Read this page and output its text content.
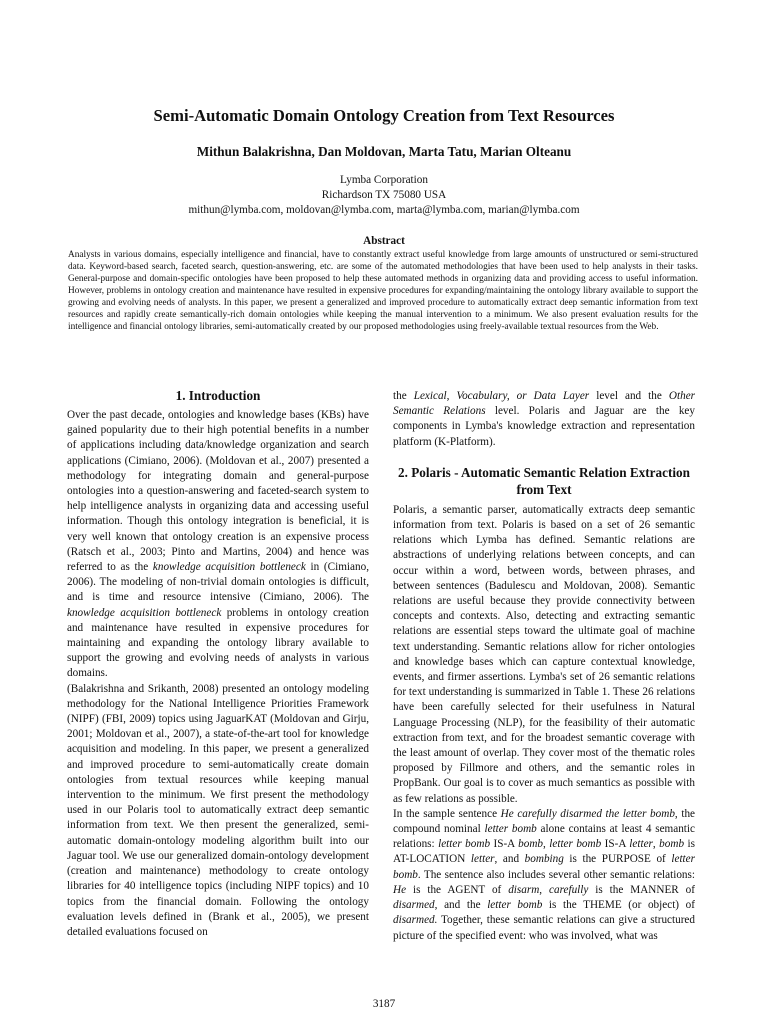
Semi-Automatic Domain Ontology Creation from Text Resources
Mithun Balakrishna, Dan Moldovan, Marta Tatu, Marian Olteanu
Lymba Corporation
Richardson TX 75080 USA
mithun@lymba.com, moldovan@lymba.com, marta@lymba.com, marian@lymba.com
Abstract

Analysts in various domains, especially intelligence and financial, have to constantly extract useful knowledge from large amounts of unstructured or semi-structured data. Keyword-based search, faceted search, question-answering, etc. are some of the automated methodologies that have been used to help analysts in their tasks. General-purpose and domain-specific ontologies have been proposed to help these automated methods in organizing data and providing access to useful information. However, problems in ontology creation and maintenance have resulted in expensive procedures for expanding/maintaining the ontology library available to support the growing and evolving needs of analysts. In this paper, we present a generalized and improved procedure to automatically extract deep semantic information from text resources and rapidly create semantically-rich domain ontologies while keeping the manual intervention to a minimum. We also present evaluation results for the intelligence and financial ontology libraries, semi-automatically created by our proposed methodologies using freely-available textual resources from the Web.

1. Introduction

Over the past decade, ontologies and knowledge bases (KBs) have gained popularity due to their high potential benefits in a number of applications including data/knowledge organization and search applications (Cimiano, 2006). (Moldovan et al., 2007) presented a methodology for integrating domain and general-purpose ontologies into a question-answering and faceted-search system to help intelligence analysts in organizing data and accessing useful information. Though this ontology integration is beneficial, it is very well known that ontology creation is an expensive process (Ratsch et al., 2003; Pinto and Martins, 2004) and hence was referred to as the knowledge acquisition bottleneck in (Cimiano, 2006). The modeling of non-trivial domain ontologies is difficult, and is time and resource intensive (Cimiano, 2006). The knowledge acquisition bottleneck problems in ontology creation and maintenance have resulted in expensive procedures for maintaining and expanding the ontology library available to support the growing and evolving needs of analysts in various domains.

(Balakrishna and Srikanth, 2008) presented an ontology modeling methodology for the National Intelligence Priorities Framework (NIPF) (FBI, 2009) topics using JaguarKAT (Moldovan and Girju, 2001; Moldovan et al., 2007), a state-of-the-art tool for knowledge acquisition and modeling. In this paper, we present a generalized and improved procedure to semi-automatically create domain ontologies from textual resources while keeping manual intervention to the minimum. We first present the methodology used in our Polaris tool to automatically extract deep semantic information from text. We then present the generalized, semi-automatic domain-ontology modeling algorithm built into our Jaguar tool. We use our generalized domain-ontology development (creation and maintenance) methodology to create ontology libraries for 40 intelligence topics (including NIPF topics) and 10 topics from the financial domain. Following the ontology evaluation levels defined in (Brank et al., 2005), we present detailed evaluations focused on

the Lexical, Vocabulary, or Data Layer level and the Other Semantic Relations level. Polaris and Jaguar are the key components in Lymba's knowledge extraction and representation platform (K-Platform).

2. Polaris - Automatic Semantic Relation Extraction from Text

Polaris, a semantic parser, automatically extracts deep semantic information from text. Polaris is based on a set of 26 semantic relations which Lymba has defined. Semantic relations are abstractions of underlying relations between concepts, and can occur within a word, between words, between phrases, and between sentences (Badulescu and Moldovan, 2008). Semantic relations are useful because they provide connectivity between concepts and contexts. Also, detecting and extracting semantic relations are essential steps toward the ultimate goal of machine text understanding. Semantic relations allow for richer ontologies and knowledge bases which can capture contextual knowledge, events, and firmer assertions. Lymba's set of 26 semantic relations for text understanding is summarized in Table 1. These 26 relations have been carefully selected for their usefulness in Natural Language Processing (NLP), for the feasibility of their automatic extraction from text, and for the broadest semantic coverage with the least amount of overlap. They cover most of the thematic roles proposed by Fillmore and others, and the semantic roles in PropBank. Our goal is to cover as much semantics as possible with as few relations as possible.

In the sample sentence He carefully disarmed the letter bomb, the compound nominal letter bomb alone contains at least 4 semantic relations: letter bomb IS-A bomb, letter bomb IS-A letter, bomb is AT-LOCATION letter, and bombing is the PURPOSE of letter bomb. The sentence also includes several other semantic relations: He is the AGENT of disarm, carefully is the MANNER of disarmed, and the letter bomb is the THEME (or object) of disarmed. Together, these semantic relations can give a structured picture of the specified event: who was involved, what was

3187
